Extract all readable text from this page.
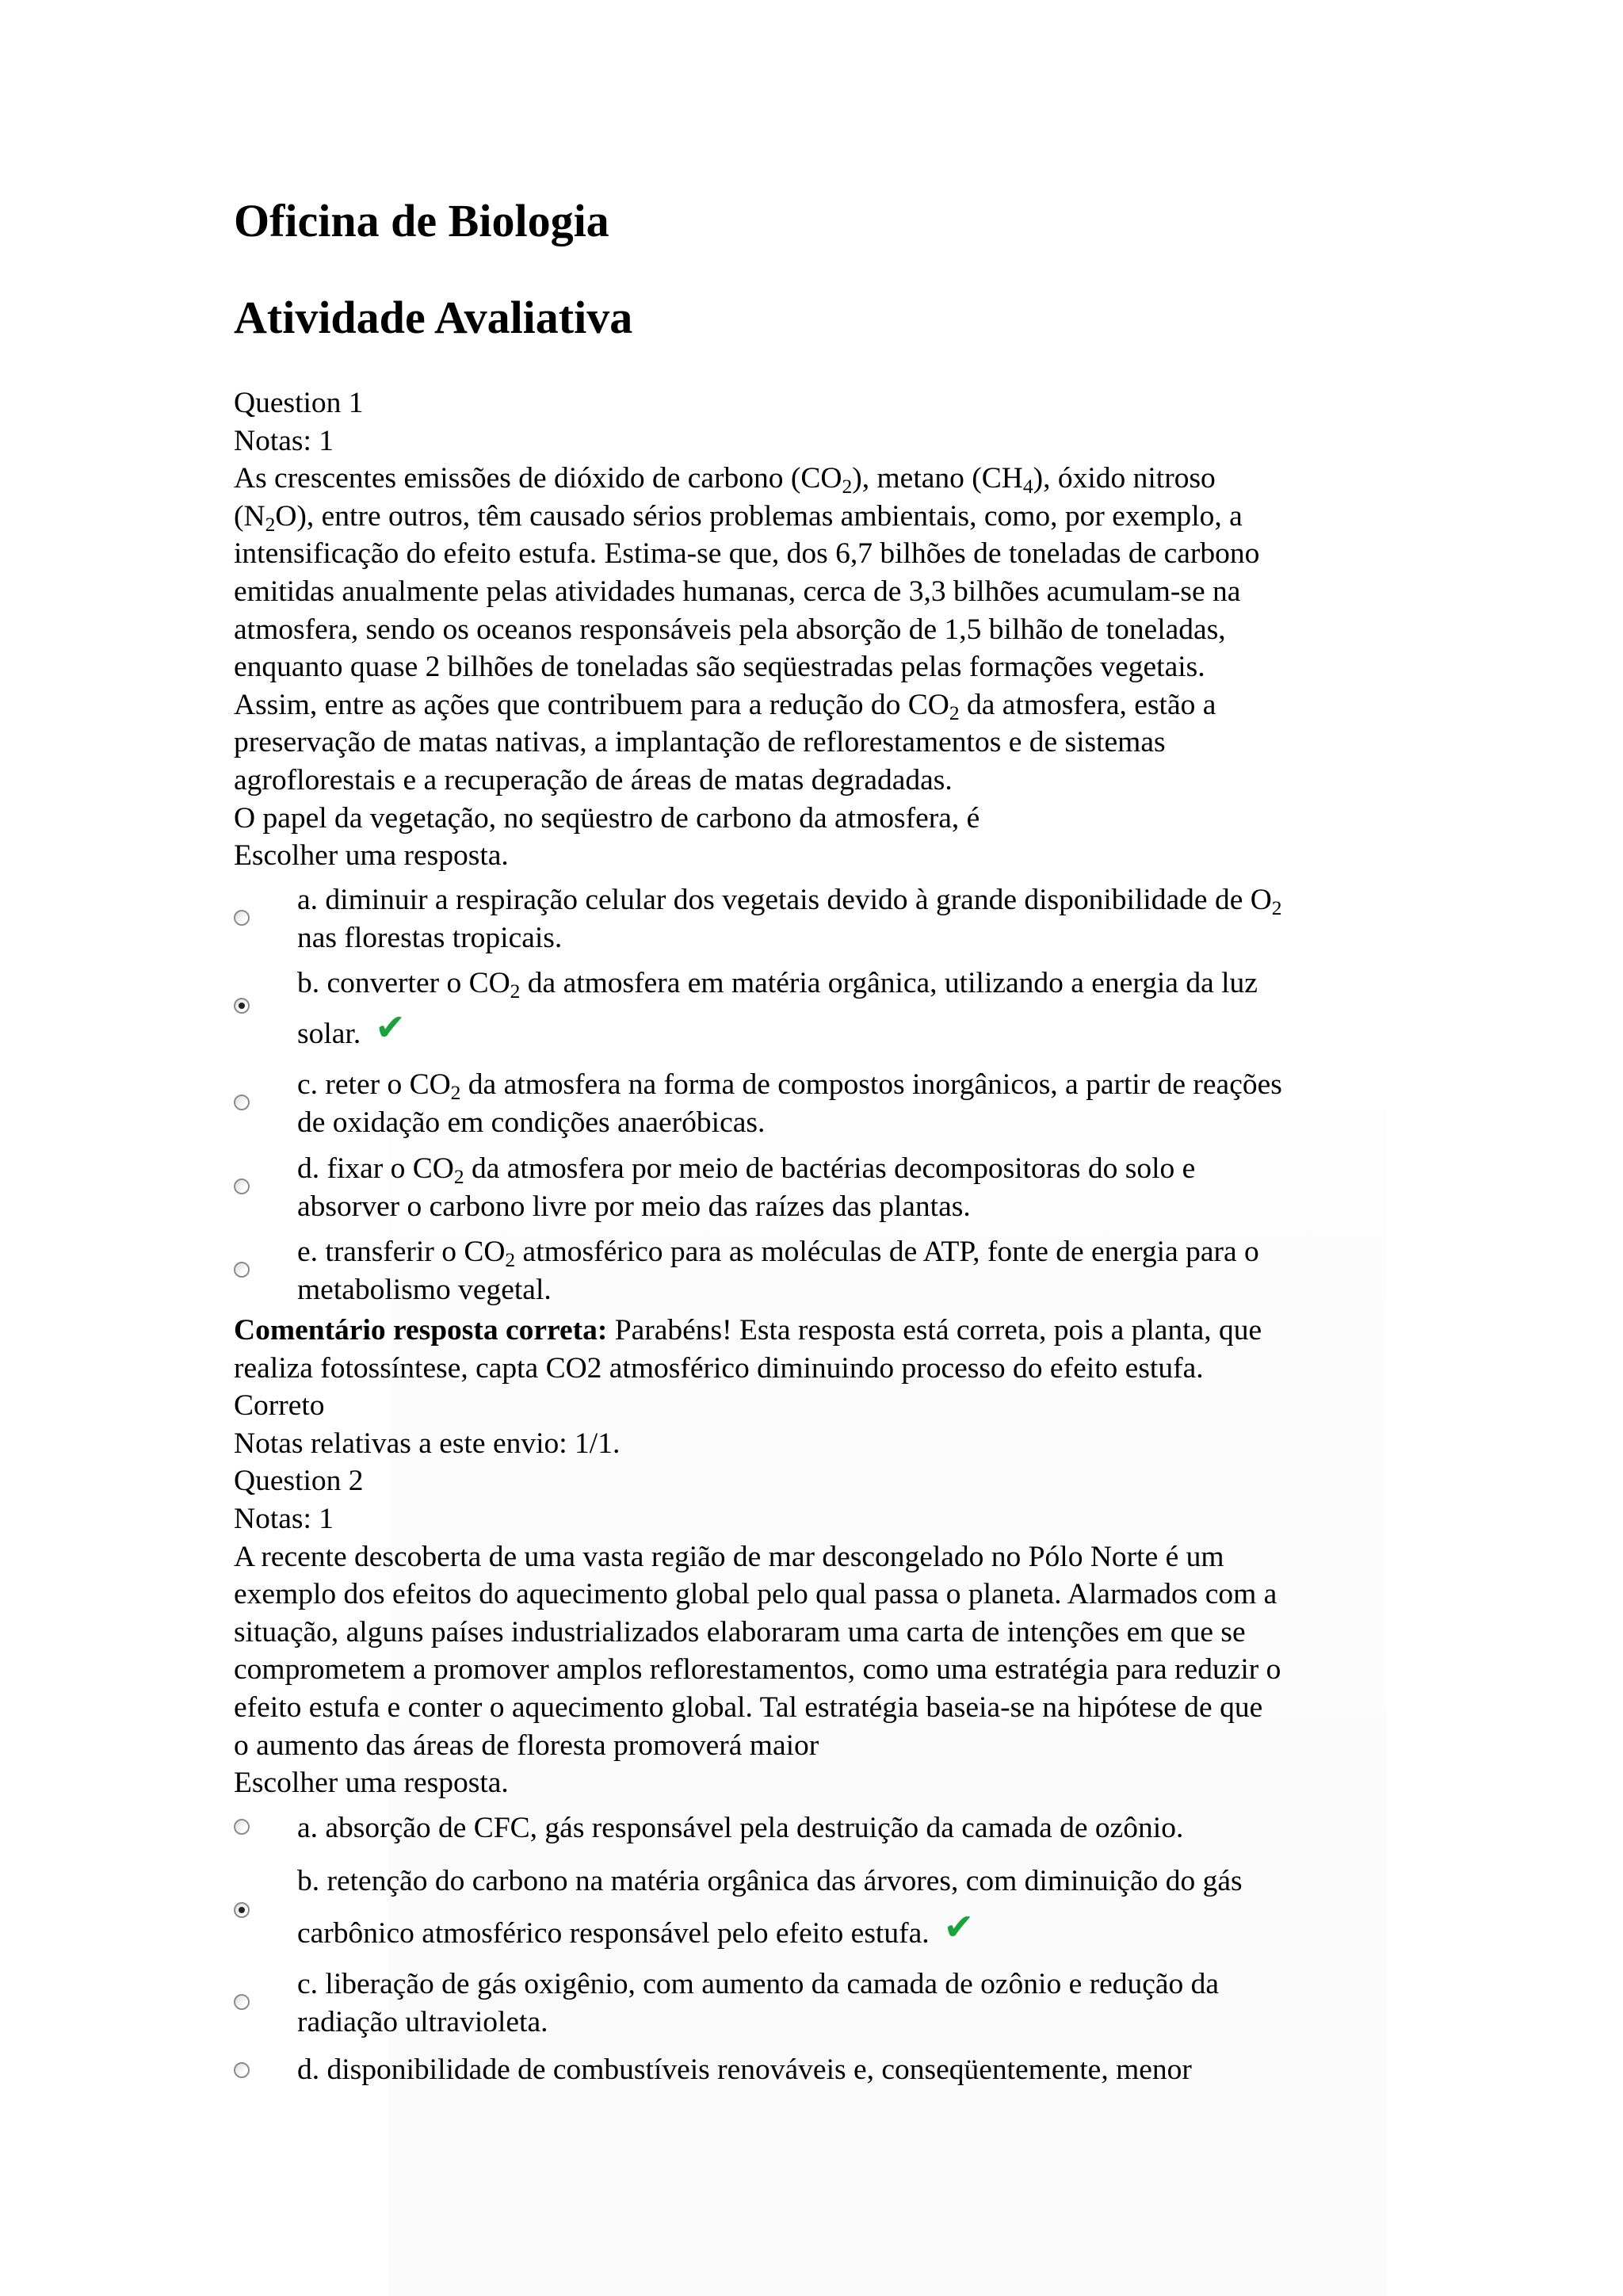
Oficina de Biologia
Atividade Avaliativa
Question 1
Notas: 1
As crescentes emissões de dióxido de carbono $(CO_2)$, metano $(CH_4)$, óxido nitroso
$(N_2O)$, entre outros, têm causado sérios problemas ambientais, como, por exemplo, a
intensificação do efeito estufa. Estima-se que, dos 6,7 bilhões de toneladas de carbono
emitidas anualmente pelas atividades humanas, cerca de 3,3 bilhões acumulam-se na
atmosfera, sendo os oceanos responsáveis pela absorção de 1,5 bilhão de toneladas,
enquanto quase 2 bilhões de toneladas são seqüestradas pelas formações vegetais.
Assim, entre as ações que contribuem para a redução do $CO_2$ da atmosfera, estão a
preservação de matas nativas, a implantação de reflorestamentos e de sistemas
agroflorestais e a recuperação de áreas de matas degradadas.
O papel da vegetação, no seqüestro de carbono da atmosfera, é
Escolher uma resposta.
a. diminuir a respiração celular dos vegetais devido à grande disponibilidade de $O_2$
nas florestas tropicais.
b. converter o $CO_2$ da atmosfera em matéria orgânica, utilizando a energia da luz
solar. ✔
c. reter o $CO_2$ da atmosfera na forma de compostos inorgânicos, a partir de reações
de oxidação em condições anaeróbicas.
d. fixar o $CO_2$ da atmosfera por meio de bactérias decompositoras do solo e
absorver o carbono livre por meio das raízes das plantas.
e. transferir o $CO_2$ atmosférico para as moléculas de ATP, fonte de energia para o
metabolismo vegetal.
Comentário resposta correta: Parabéns! Esta resposta está correta, pois a planta, que
realiza fotossíntese, capta CO2 atmosférico diminuindo processo do efeito estufa.
Correto
Notas relativas a este envio: 1/1.
Question 2
Notas: 1
A recente descoberta de uma vasta região de mar descongelado no Pólo Norte é um
exemplo dos efeitos do aquecimento global pelo qual passa o planeta. Alarmados com a
situação, alguns países industrializados elaboraram uma carta de intenções em que se
comprometem a promover amplos reflorestamentos, como uma estratégia para reduzir o
efeito estufa e conter o aquecimento global. Tal estratégia baseia-se na hipótese de que
o aumento das áreas de floresta promoverá maior
Escolher uma resposta.
a. absorção de CFC, gás responsável pela destruição da camada de ozônio.
b. retenção do carbono na matéria orgânica das árvores, com diminuição do gás
carbônico atmosférico responsável pelo efeito estufa. ✔
c. liberação de gás oxigênio, com aumento da camada de ozônio e redução da
radiação ultravioleta.
d. disponibilidade de combustíveis renováveis e, conseqüentemente, menor
